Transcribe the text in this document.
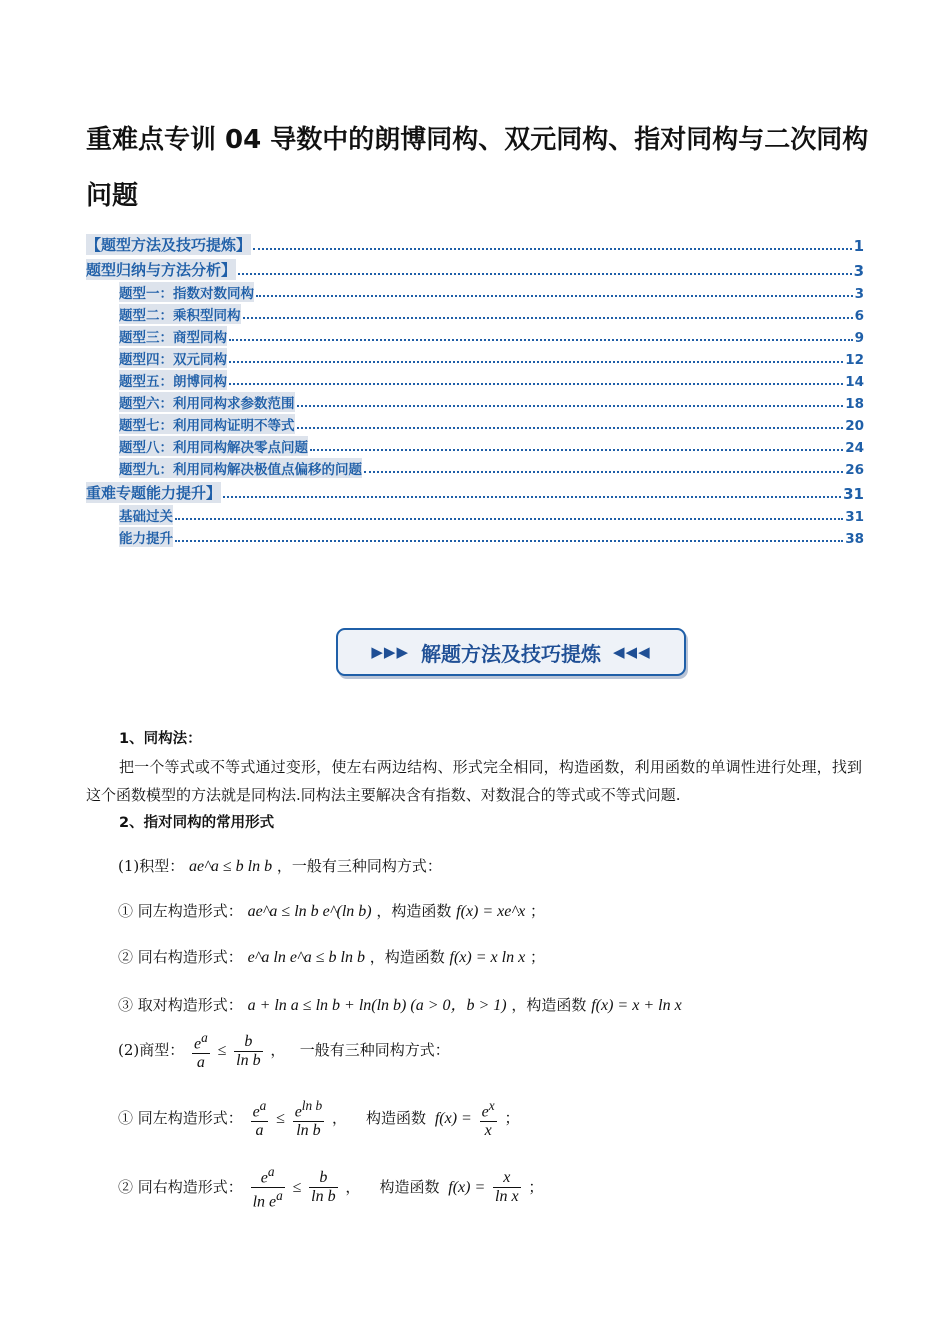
重难点专训 04 导数中的朗博同构、双元同构、指对同构与二次同构问题
【题型方法及技巧提炼】	1
题型归纳与方法分析】	3
题型一：指数对数同构	3
题型二：乘积型同构	6
题型三：商型同构	9
题型四：双元同构	12
题型五：朗博同构	14
题型六：利用同构求参数范围	18
题型七：利用同构证明不等式	20
题型八：利用同构解决零点问题	24
题型九：利用同构解决极值点偏移的问题	26
重难专题能力提升】	31
基础过关	31
能力提升	38
▶▶▶ 解题方法及技巧提炼 ◀◀◀
1、同构法：

把一个等式或不等式通过变形，使左右两边结构、形式完全相同，构造函数，利用函数的单调性进行处理，找到这个函数模型的方法就是同构法.同构法主要解决含有指数、对数混合的等式或不等式问题.

2、指对同构的常用形式
(1)积型： ae^a ≤ b ln b ，一般有三种同构方式：
① 同左构造形式： ae^a ≤ ln b e^(ln b) ，构造函数 f(x) = xe^x ；
② 同右构造形式： e^a ln e^a ≤ b ln b ，构造函数 f(x) = x ln x ；
③ 取对构造形式： a + ln a ≤ ln b + ln(ln b) (a > 0，b > 1) ，构造函数 f(x) = x + ln x
(2)商型： $\frac{e^a}{a} \le \frac{b}{\text{ln b}}$ ，   一般有三种同构方式：
① 同左构造形式： $\frac{e^a}{a} \le \frac{e^{ln b}}{\text{ln b}}$ ，    构造函数  $f(x) = \frac{e^x}{x}$ ；
② 同右构造形式： $\frac{e^a}{\ln e^a} \le \frac{b}{\text{ln b}}$ ，    构造函数  $f(x) = \frac{x}{\text{ln x}}$ ；
